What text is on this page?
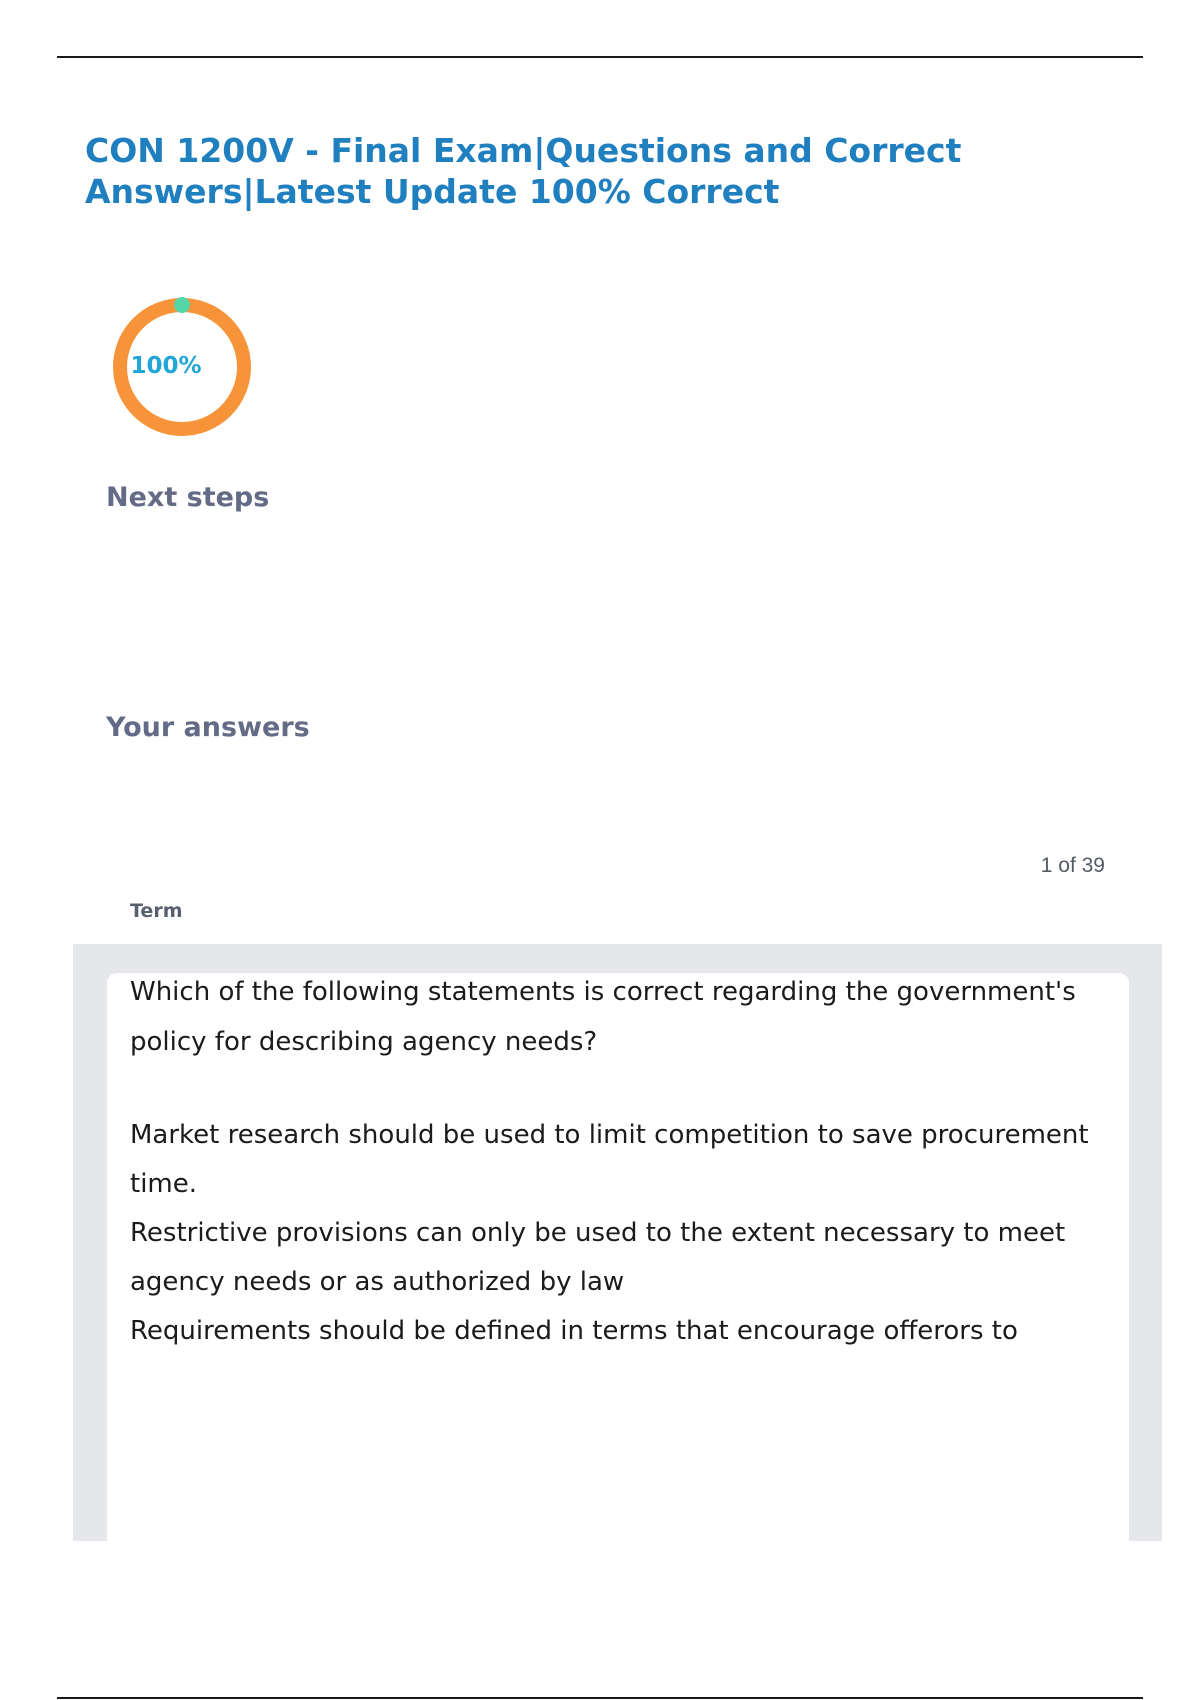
CON 1200V - Final Exam|Questions and Correct Answers|Latest Update 100% Correct
100%
Next steps
Your answers
1 of 39
Term

Which of the following statements is correct regarding the government's policy for describing agency needs?

Market research should be used to limit competition to save procurement time.
Restrictive provisions can only be used to the extent necessary to meet agency needs or as authorized by law
Requirements should be defined in terms that encourage offerors to
